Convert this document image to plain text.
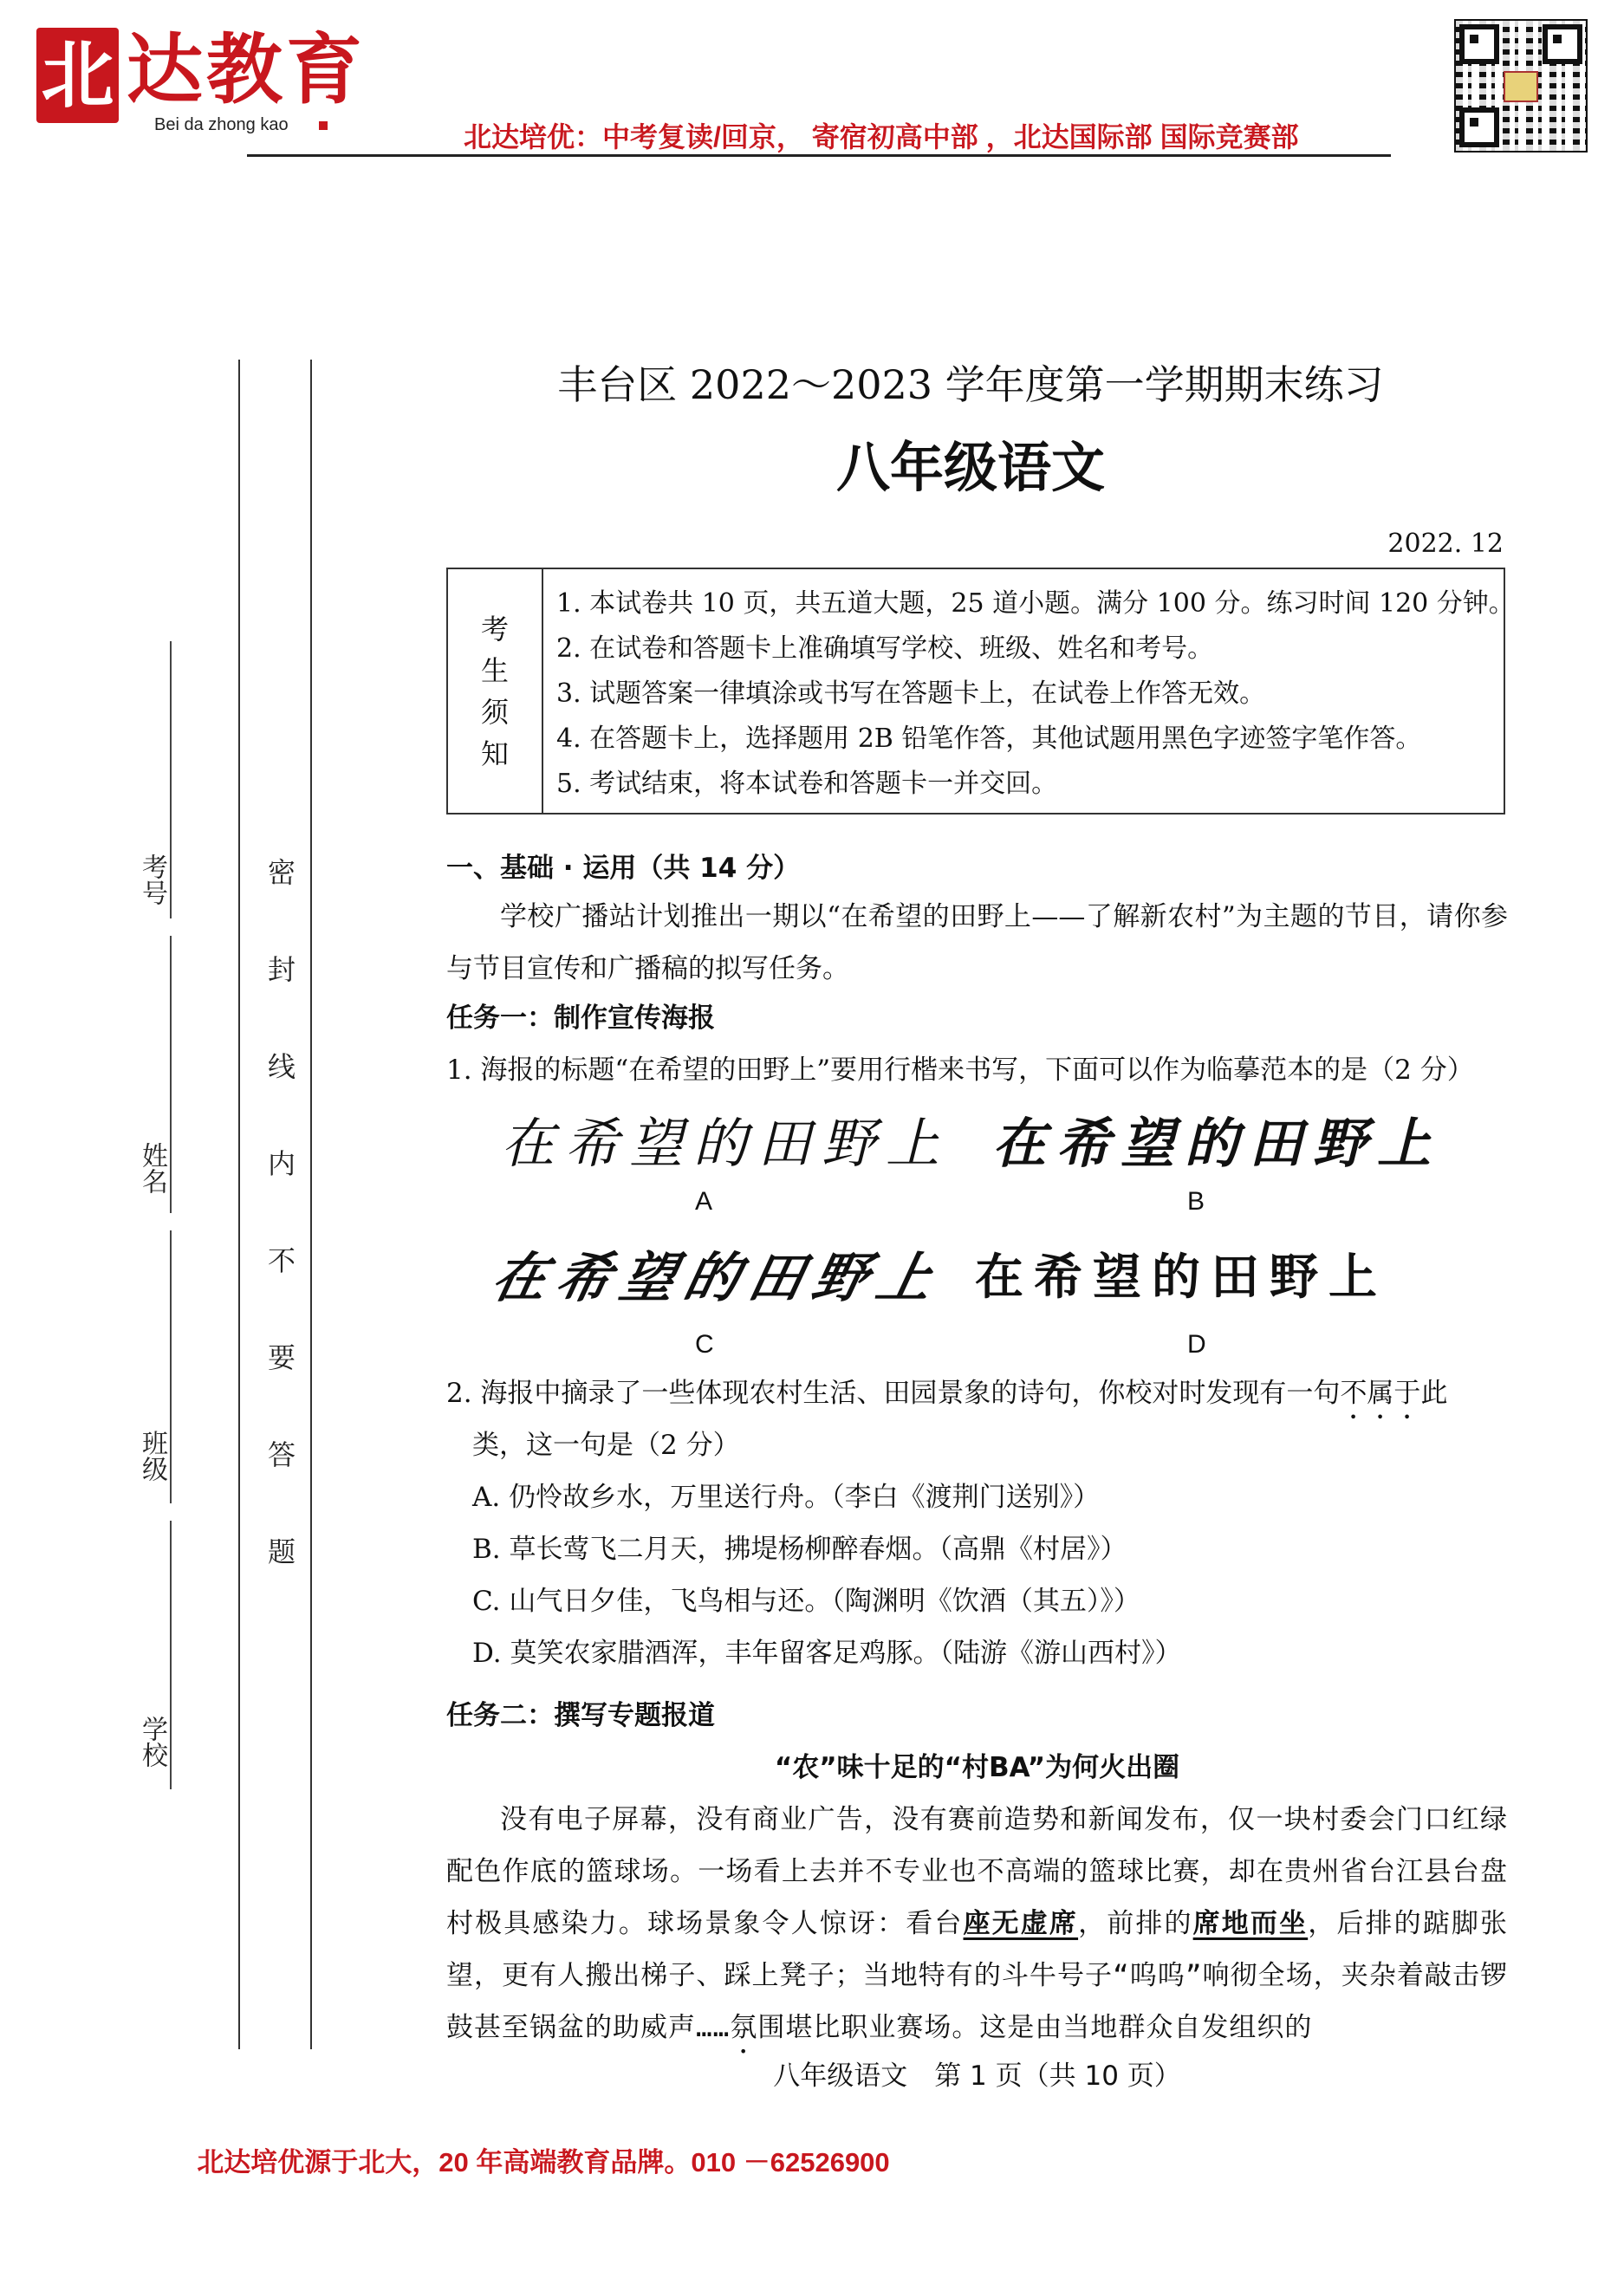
北 达教育
Bei da zhong kao	北达培优：中考复读/回京， 寄宿初高中部 ，北达国际部 国际竞赛部
考号
姓名
班级
学校
密封线内不要答题
丰台区 2022～2023 学年度第一学期期末练习
八年级语文
2022. 12
考
生
须
知
1. 本试卷共 10 页，共五道大题，25 道小题。满分 100 分。练习时间 120 分钟。
2. 在试卷和答题卡上准确填写学校、班级、姓名和考号。
3. 试题答案一律填涂或书写在答题卡上，在试卷上作答无效。
4. 在答题卡上，选择题用 2B 铅笔作答，其他试题用黑色字迹签字笔作答。
5. 考试结束，将本试卷和答题卡一并交回。
一、基础 · 运用（共 14 分）
学校广播站计划推出一期以“在希望的田野上——了解新农村”为主题的节目，请你参与节目宣传和广播稿的拟写任务。
任务一：制作宣传海报
1. 海报的标题“在希望的田野上”要用行楷来书写，下面可以作为临摹范本的是（2 分）
在希望的田野上
A
在希望的田野上
B
在希望的田野上
C
在希望的田野上
D
2. 海报中摘录了一些体现农村生活、田园景象的诗句，你校对时发现有一句不属于此
类，这一句是（2 分）
A. 仍怜故乡水，万里送行舟。（李白《渡荆门送别》）
B. 草长莺飞二月天，拂堤杨柳醉春烟。（高鼎《村居》）
C. 山气日夕佳，飞鸟相与还。（陶渊明《饮酒（其五）》）
D. 莫笑农家腊酒浑，丰年留客足鸡豚。（陆游《游山西村》）
任务二：撰写专题报道
“农”味十足的“村BA”为何火出圈
没有电子屏幕，没有商业广告，没有赛前造势和新闻发布，仅一块村委会门口红绿配色作底的篮球场。一场看上去并不专业也不高端的篮球比赛，却在贵州省台江县台盘村极具感染力。球场景象令人惊讶：看台座无虚席，前排的席地而坐，后排的踮脚张望，更有人搬出梯子、踩上凳子；当地特有的斗牛号子“呜呜”响彻全场，夹杂着敲击锣鼓甚至锅盆的助威声……氛围堪比职业赛场。这是由当地群众自发组织的
八年级语文　第 1 页（共 10 页）
北达培优源于北大，20 年高端教育品牌。010 －62526900
